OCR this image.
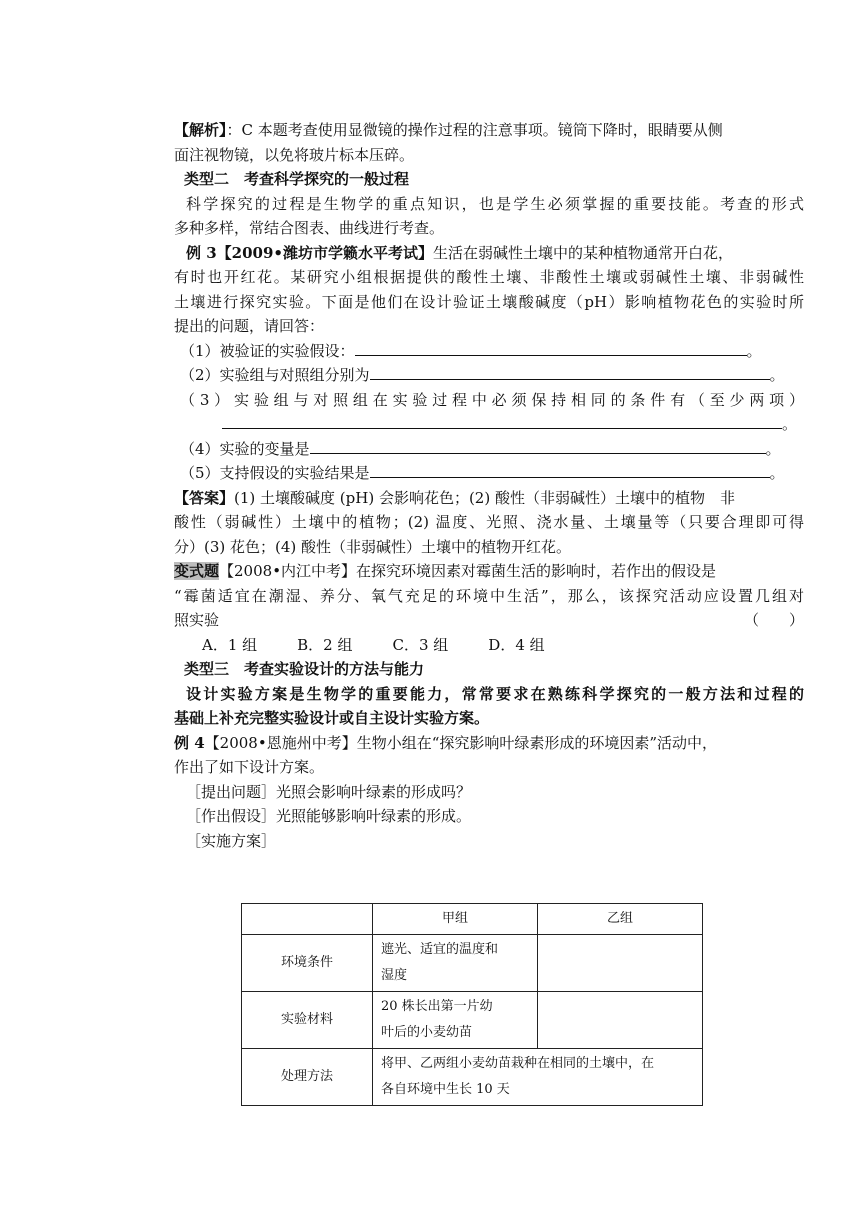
【解析】：C 本题考查使用显微镜的操作过程的注意事项。镜筒下降时，眼睛要从侧
面注视物镜，以免将玻片标本压碎。
类型二　考查科学探究的一般过程
科学探究的过程是生物学的重点知识，也是学生必须掌握的重要技能。考查的形式
多种多样，常结合图表、曲线进行考查。
例 3【2009•潍坊市学籁水平考试】生活在弱碱性土壤中的某种植物通常开白花，
有时也开红花。某研究小组根据提供的酸性土壤、非酸性土壤或弱碱性土壤、非弱碱性
土壤进行探究实验。下面是他们在设计验证土壤酸碱度（pH）影响植物花色的实验时所
提出的问题，请回答：
（1）被验证的实验假设：	。
（2）实验组与对照组分别为	。
（3）实验组与对照组在实验过程中必须保持相同的条件有（至少两项）
。
（4）实验的变量是	。
（5）支持假设的实验结果是	。
【答案】(1) 土壤酸碱度 (pH) 会影响花色；(2) 酸性（非弱碱性）土壤中的植物　非
酸性（弱碱性）土壤中的植物；(2) 温度、光照、浇水量、土壤量等（只要合理即可得
分）(3) 花色；(4) 酸性（非弱碱性）土壤中的植物开红花。
变式题【2008•内江中考】在探究环境因素对霉菌生活的影响时，若作出的假设是
“霉菌适宜在潮湿、养分、氧气充足的环境中生活”，那么，该探究活动应设置几组对
照实验	（　　）
A．1 组	B．2 组	C．3 组	D．4 组
类型三　考查实验设计的方法与能力
设计实验方案是生物学的重要能力，常常要求在熟练科学探究的一般方法和过程的
基础上补充完整实验设计或自主设计实验方案。
例 4【2008•恩施州中考】生物小组在“探究影响叶绿素形成的环境因素”活动中，
作出了如下设计方案。
［提出问题］光照会影响叶绿素的形成吗？
［作出假设］光照能够影响叶绿素的形成。
［实施方案］
	甲组	乙组
环境条件	遮光、适宜的温度和
湿度	

实验材料	20 株长出第一片幼
叶后的小麦幼苗	

处理方法	将甲、乙两组小麦幼苗栽种在相同的土壤中，在
各自环境中生长 10 天	
